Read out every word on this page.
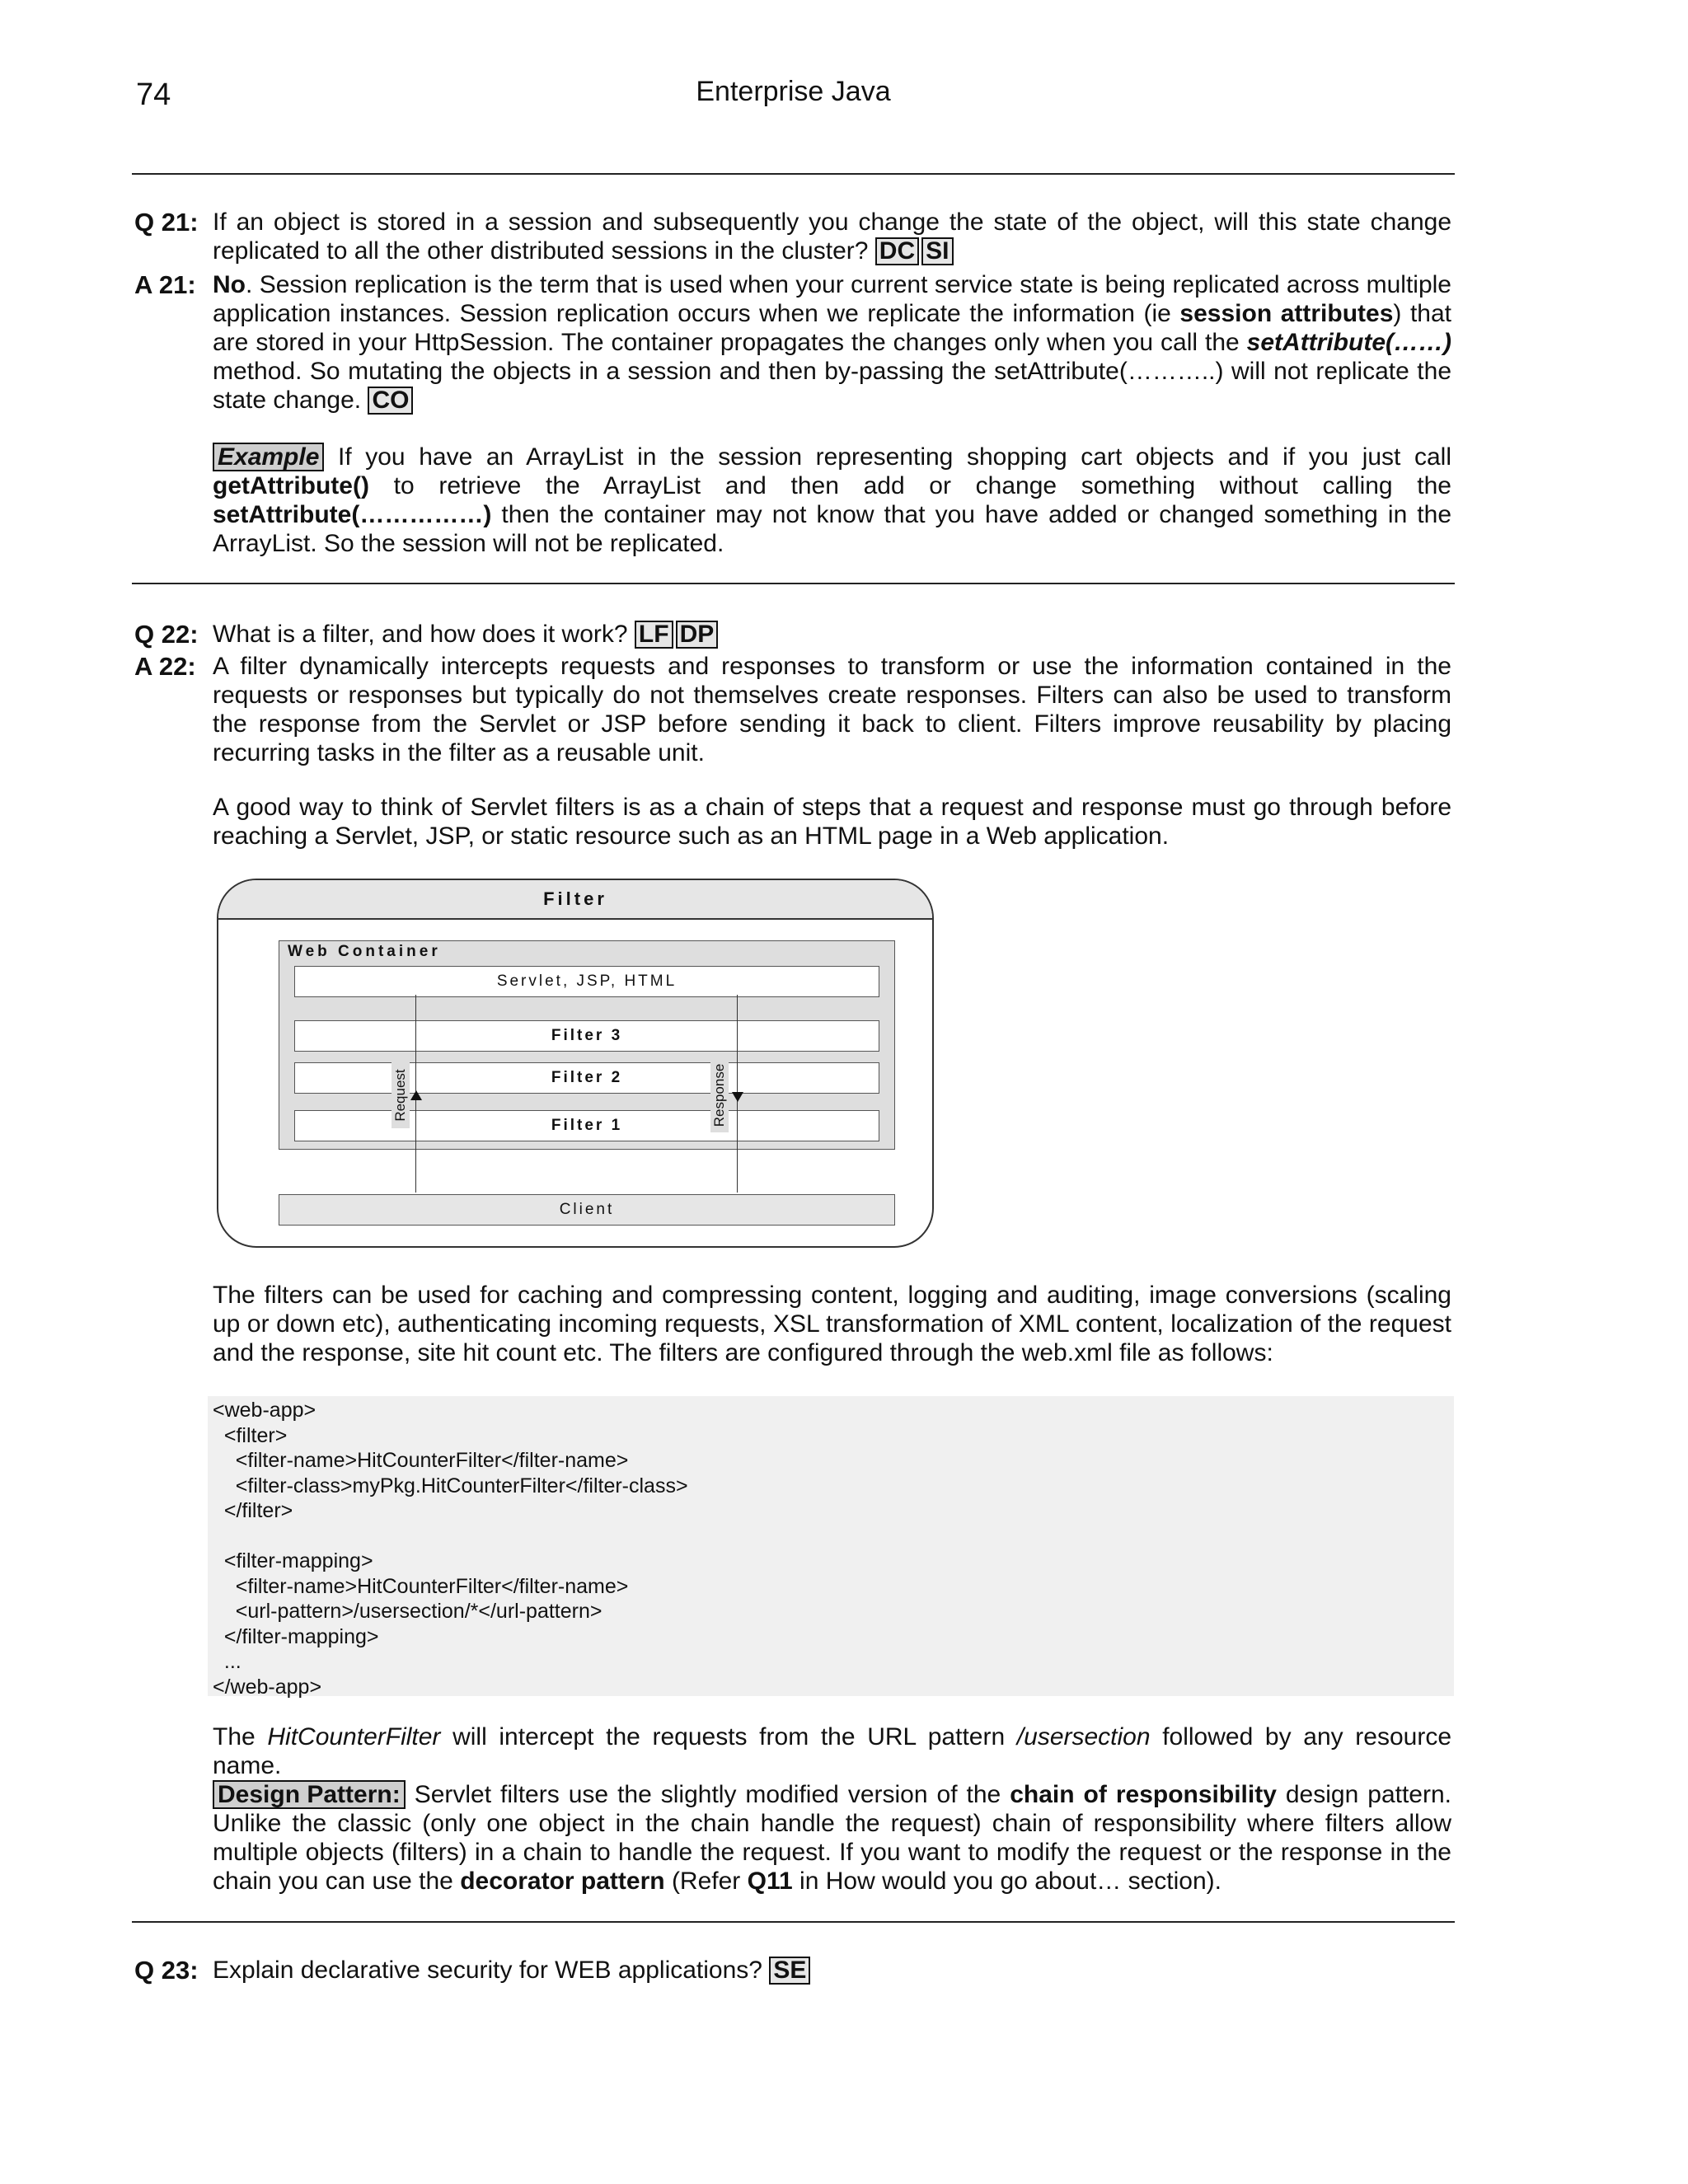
74	Enterprise Java
Q 21: If an object is stored in a session and subsequently you change the state of the object, will this state change replicated to all the other distributed sessions in the cluster? DC SI
A 21: No. Session replication is the term that is used when your current service state is being replicated across multiple application instances. Session replication occurs when we replicate the information (ie session attributes) that are stored in your HttpSession. The container propagates the changes only when you call the setAttribute(……) method. So mutating the objects in a session and then by-passing the setAttribute(………..) will not replicate the state change. CO
Example If you have an ArrayList in the session representing shopping cart objects and if you just call getAttribute() to retrieve the ArrayList and then add or change something without calling the setAttribute(……………) then the container may not know that you have added or changed something in the ArrayList. So the session will not be replicated.
Q 22: What is a filter, and how does it work? LF DP
A 22: A filter dynamically intercepts requests and responses to transform or use the information contained in the requests or responses but typically do not themselves create responses. Filters can also be used to transform the response from the Servlet or JSP before sending it back to client. Filters improve reusability by placing recurring tasks in the filter as a reusable unit.
A good way to think of Servlet filters is as a chain of steps that a request and response must go through before reaching a Servlet, JSP, or static resource such as an HTML page in a Web application.
Filter
Web Container
Servlet, JSP, HTML
Filter 3
Filter 2
Filter 1
Client
Request	Response
The filters can be used for caching and compressing content, logging and auditing, image conversions (scaling up or down etc), authenticating incoming requests, XSL transformation of XML content, localization of the request and the response, site hit count etc. The filters are configured through the web.xml file as follows:
<web-app>
<filter>
<filter-name>HitCounterFilter</filter-name>
<filter-class>myPkg.HitCounterFilter</filter-class>
</filter>
<filter-mapping>
<filter-name>HitCounterFilter</filter-name>
<url-pattern>/usersection/*</url-pattern>
</filter-mapping>
...
</web-app>
The HitCounterFilter will intercept the requests from the URL pattern /usersection followed by any resource name.
Design Pattern: Servlet filters use the slightly modified version of the chain of responsibility design pattern. Unlike the classic (only one object in the chain handle the request) chain of responsibility where filters allow multiple objects (filters) in a chain to handle the request. If you want to modify the request or the response in the chain you can use the decorator pattern (Refer Q11 in How would you go about… section).
Q 23: Explain declarative security for WEB applications? SE
